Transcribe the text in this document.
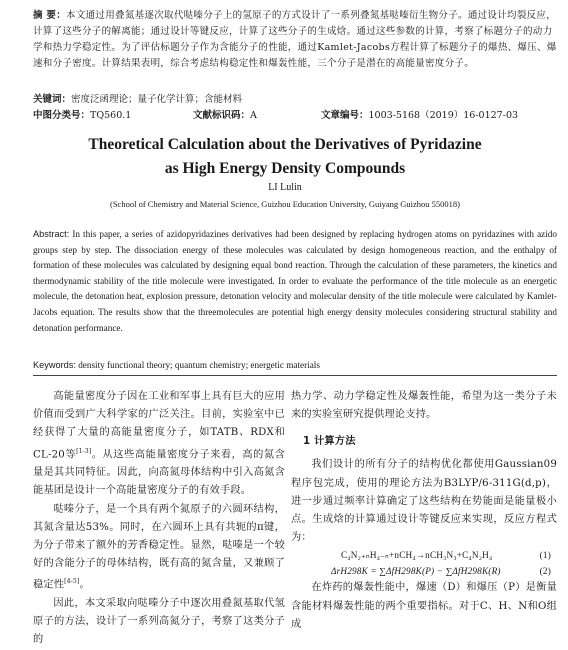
摘 要：本文通过用叠氮基逐次取代哒嗪分子上的氢原子的方式设计了一系列叠氮基哒嗪衍生物分子。通过设计均裂反应，计算了这些分子的解离能；通过设计等键反应，计算了这些分子的生成焓。通过这些参数的计算，考察了标题分子的动力学和热力学稳定性。为了评估标题分子作为含能分子的性能，通过Kamlet-Jacobs方程计算了标题分子的爆热、爆压、爆速和分子密度。计算结果表明，综合考虑结构稳定性和爆轰性能，三个分子是潜在的高能量密度分子。
关键词：密度泛函理论；量子化学计算；含能材料
中图分类号：TQ560.1	文献标识码：A	文章编号：1003-5168（2019）16-0127-03
Theoretical Calculation about the Derivatives of Pyridazine
as High Energy Density Compounds
LI Lulin
(School of Chemistry and Material Science, Guizhou Education University, Guiyang Guizhou 550018)
Abstract: In this paper, a series of azidopyridazines derivatives had been designed by replacing hydrogen atoms on pyridazines with azido groups step by step. The dissociation energy of these molecules was calculated by design homogeneous reaction, and the enthalpy of formation of these molecules was calculated by designing equal bond reaction. Through the calculation of these parameters, the kinetics and thermodynamic stability of the title molecule were investigated. In order to evaluate the performance of the title molecule as an energetic molecule, the detonation heat, explosion pressure, detonation velocity and molecular density of the title molecule were calculated by Kamlet-Jacobs equation. The results show that the threemolecules are potential high energy density molecules considering structural stability and detonation performance.
Keywords: density functional theory; quantum chemistry; energetic materials

高能量密度分子因在工业和军事上具有巨大的应用价值而受到广大科学家的广泛关注。目前，实验室中已经获得了大量的高能量密度分子，如TATB、RDX和CL-20等[1-3]。从这些高能量密度分子来看，高的氮含量是其共同特征。因此，向高氮母体结构中引入高氮含能基团是设计一个高能量密度分子的有效手段。

哒嗪分子，是一个具有两个氮原子的六圆环结构，其氮含量达53%。同时，在六圆环上具有共轭的π键，为分子带来了额外的芳香稳定性。显然，哒嗪是一个较好的含能分子的母体结构，既有高的氮含量，又兼顾了稳定性[4-5]。

因此，本文采取向哒嗪分子中逐次用叠氮基取代氢原子的方法，设计了一系列高氮分子，考察了这类分子的

热力学、动力学稳定性及爆轰性能，希望为这一类分子未来的实验室研究提供理论支持。

1 计算方法

我们设计的所有分子的结构优化都使用Gaussian09程序包完成，使用的理论方法为B3LYP/6-311G(d,p)，进一步通过频率计算确定了这些结构在势能面是能量极小点。生成焓的计算通过设计等键反应来实现，反应方程式为：

C₄N₂₊ₙH₄₋ₙ+nCH₄→nCH₃N₃+C₄N₂H₄	(1)
ΔrH298K = ∑ΔfH298K(P) − ∑ΔfH298K(R)	(2)

在炸药的爆轰性能中，爆速（D）和爆压（P）是衡量含能材料爆轰性能的两个重要指标。对于C、H、N和O组成
